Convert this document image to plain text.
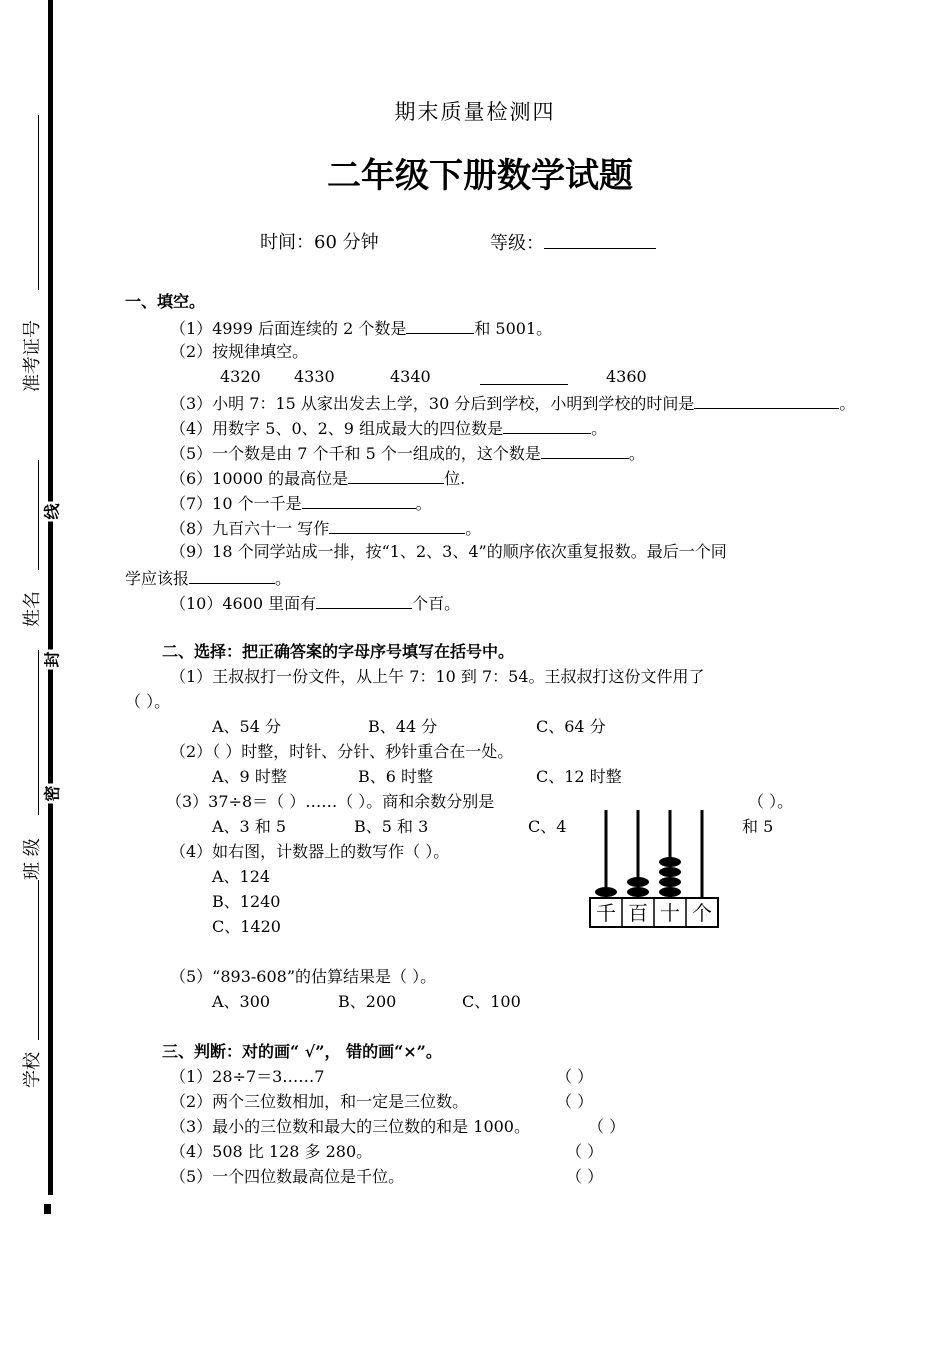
准考证号
姓名
班 级
学校
线
封
密
期末质量检测四
二年级下册数学试题
时间：60 分钟	等级：
一、填空。
（1）4999 后面连续的 2 个数是	和 5001。
（2）按规律填空。
4320 4330	4340	4360
（3）小明 7：15 从家出发去上学，30 分后到学校，小明到学校的时间是	。
（4）用数字 5、0、2、9 组成最大的四位数是	。
（5）一个数是由 7 个千和 5 个一组成的，这个数是	。
（6）10000 的最高位是	位.
（7）10 个一千是	。
（8）九百六十一 写作	。
（9）18 个同学站成一排，按“1、2、3、4”的顺序依次重复报数。最后一个同
学应该报	。
（10）4600 里面有	个百。
二、选择：把正确答案的字母序号填写在括号中。
（1）王叔叔打一份文件，从上午 7：10 到 7：54。王叔叔打这份文件用了
（ ）。
A、54 分	B、44 分	C、64 分
（2）（ ）时整，时针、分针、秒针重合在一处。
A、9 时整	B、6 时整	C、12 时整
（3）37÷8＝（ ）……（ ）。商和余数分别是	（ ）。
A、3 和 5	B、5 和 3	C、4	和 5
（4）如右图，计数器上的数写作（ ）。
A、124
B、1240
C、1420
千 百 十 个
（5）“893-608”的估算结果是（ ）。
A、300	B、200	C、100
三、判断：对的画“ √”， 错的画“×”。
（1）28÷7＝3……7	（ ）
（2）两个三位数相加，和一定是三位数。	（ ）
（3）最小的三位数和最大的三位数的和是 1000。	（ ）
（4）508 比 128 多 280。	（ ）
（5）一个四位数最高位是千位。	（ ）
